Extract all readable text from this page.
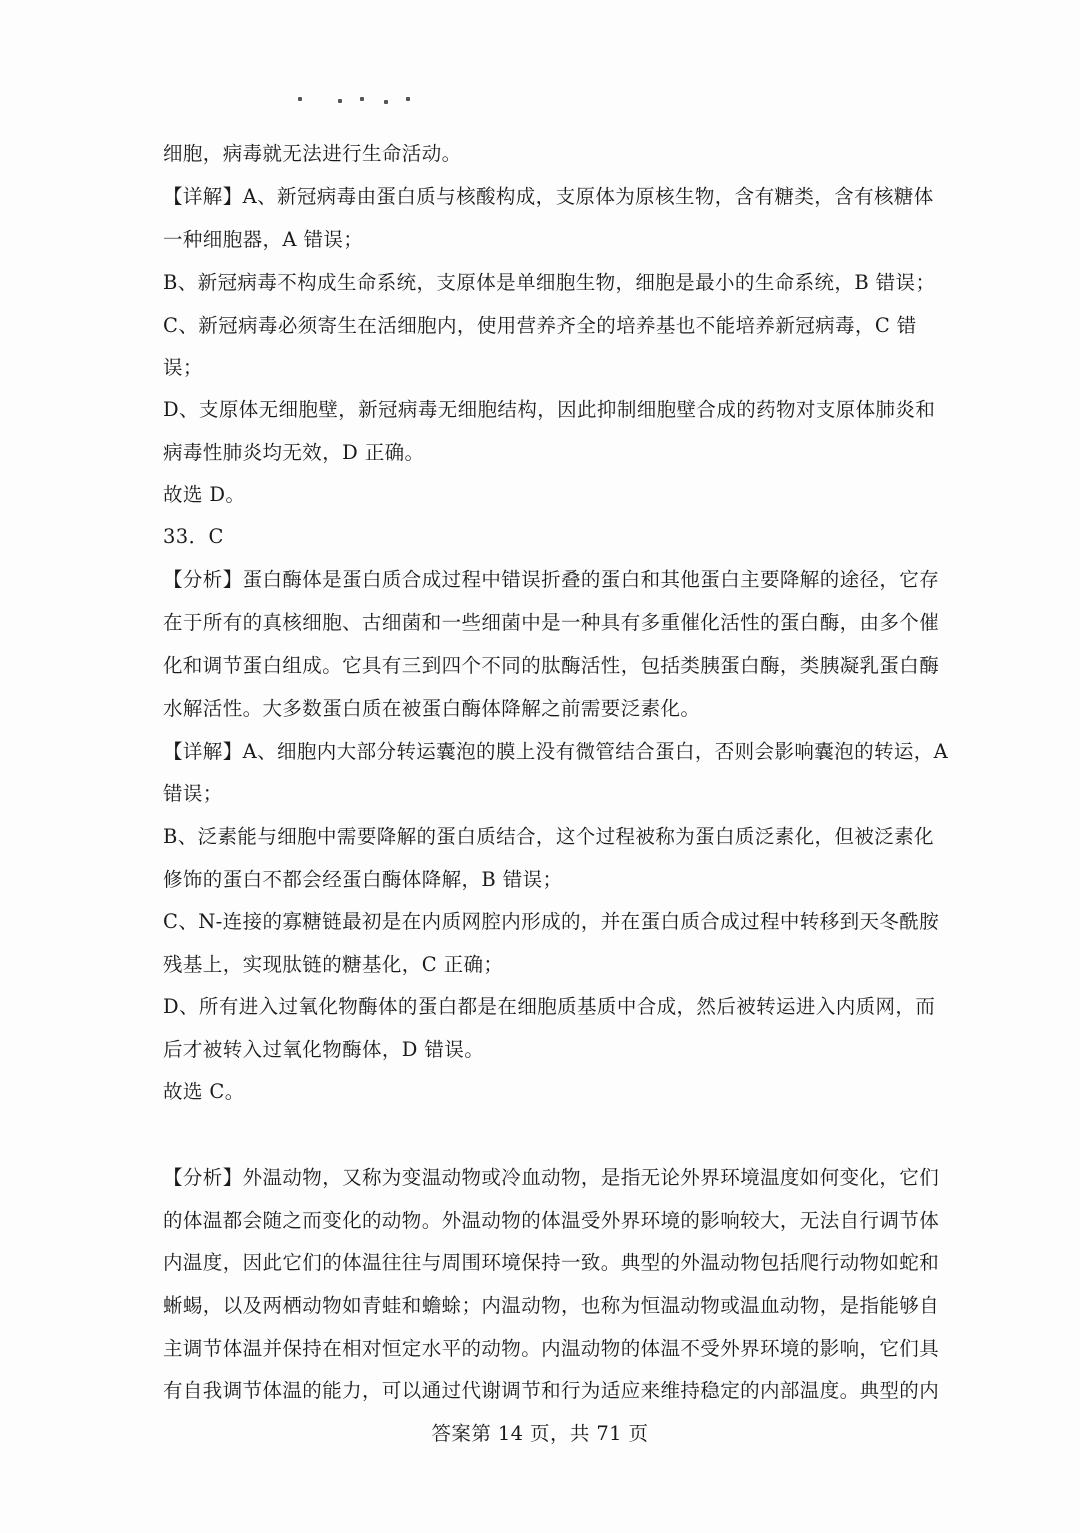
细胞，病毒就无法进行生命活动。
【详解】A、新冠病毒由蛋白质与核酸构成，支原体为原核生物，含有糖类，含有核糖体
一种细胞器，A 错误；
B、新冠病毒不构成生命系统，支原体是单细胞生物，细胞是最小的生命系统，B 错误；
C、新冠病毒必须寄生在活细胞内，使用营养齐全的培养基也不能培养新冠病毒，C 错
误；
D、支原体无细胞壁，新冠病毒无细胞结构，因此抑制细胞壁合成的药物对支原体肺炎和
病毒性肺炎均无效，D 正确。
故选 D。
33．C
【分析】蛋白酶体是蛋白质合成过程中错误折叠的蛋白和其他蛋白主要降解的途径，它存
在于所有的真核细胞、古细菌和一些细菌中是一种具有多重催化活性的蛋白酶，由多个催
化和调节蛋白组成。它具有三到四个不同的肽酶活性，包括类胰蛋白酶，类胰凝乳蛋白酶
水解活性。大多数蛋白质在被蛋白酶体降解之前需要泛素化。
【详解】A、细胞内大部分转运囊泡的膜上没有微管结合蛋白，否则会影响囊泡的转运，A
错误；
B、泛素能与细胞中需要降解的蛋白质结合，这个过程被称为蛋白质泛素化，但被泛素化
修饰的蛋白不都会经蛋白酶体降解，B 错误；
C、N-连接的寡糖链最初是在内质网腔内形成的，并在蛋白质合成过程中转移到天冬酰胺
残基上，实现肽链的糖基化，C 正确；
D、所有进入过氧化物酶体的蛋白都是在细胞质基质中合成，然后被转运进入内质网，而
后才被转入过氧化物酶体，D 错误。
故选 C。
【分析】外温动物，又称为变温动物或冷血动物，是指无论外界环境温度如何变化，它们
的体温都会随之而变化的动物。外温动物的体温受外界环境的影响较大，无法自行调节体
内温度，因此它们的体温往往与周围环境保持一致。典型的外温动物包括爬行动物如蛇和
蜥蜴，以及两栖动物如青蛙和蟾蜍；内温动物，也称为恒温动物或温血动物，是指能够自
主调节体温并保持在相对恒定水平的动物。内温动物的体温不受外界环境的影响，它们具
有自我调节体温的能力，可以通过代谢调节和行为适应来维持稳定的内部温度。典型的内
答案第 14 页，共 71 页
